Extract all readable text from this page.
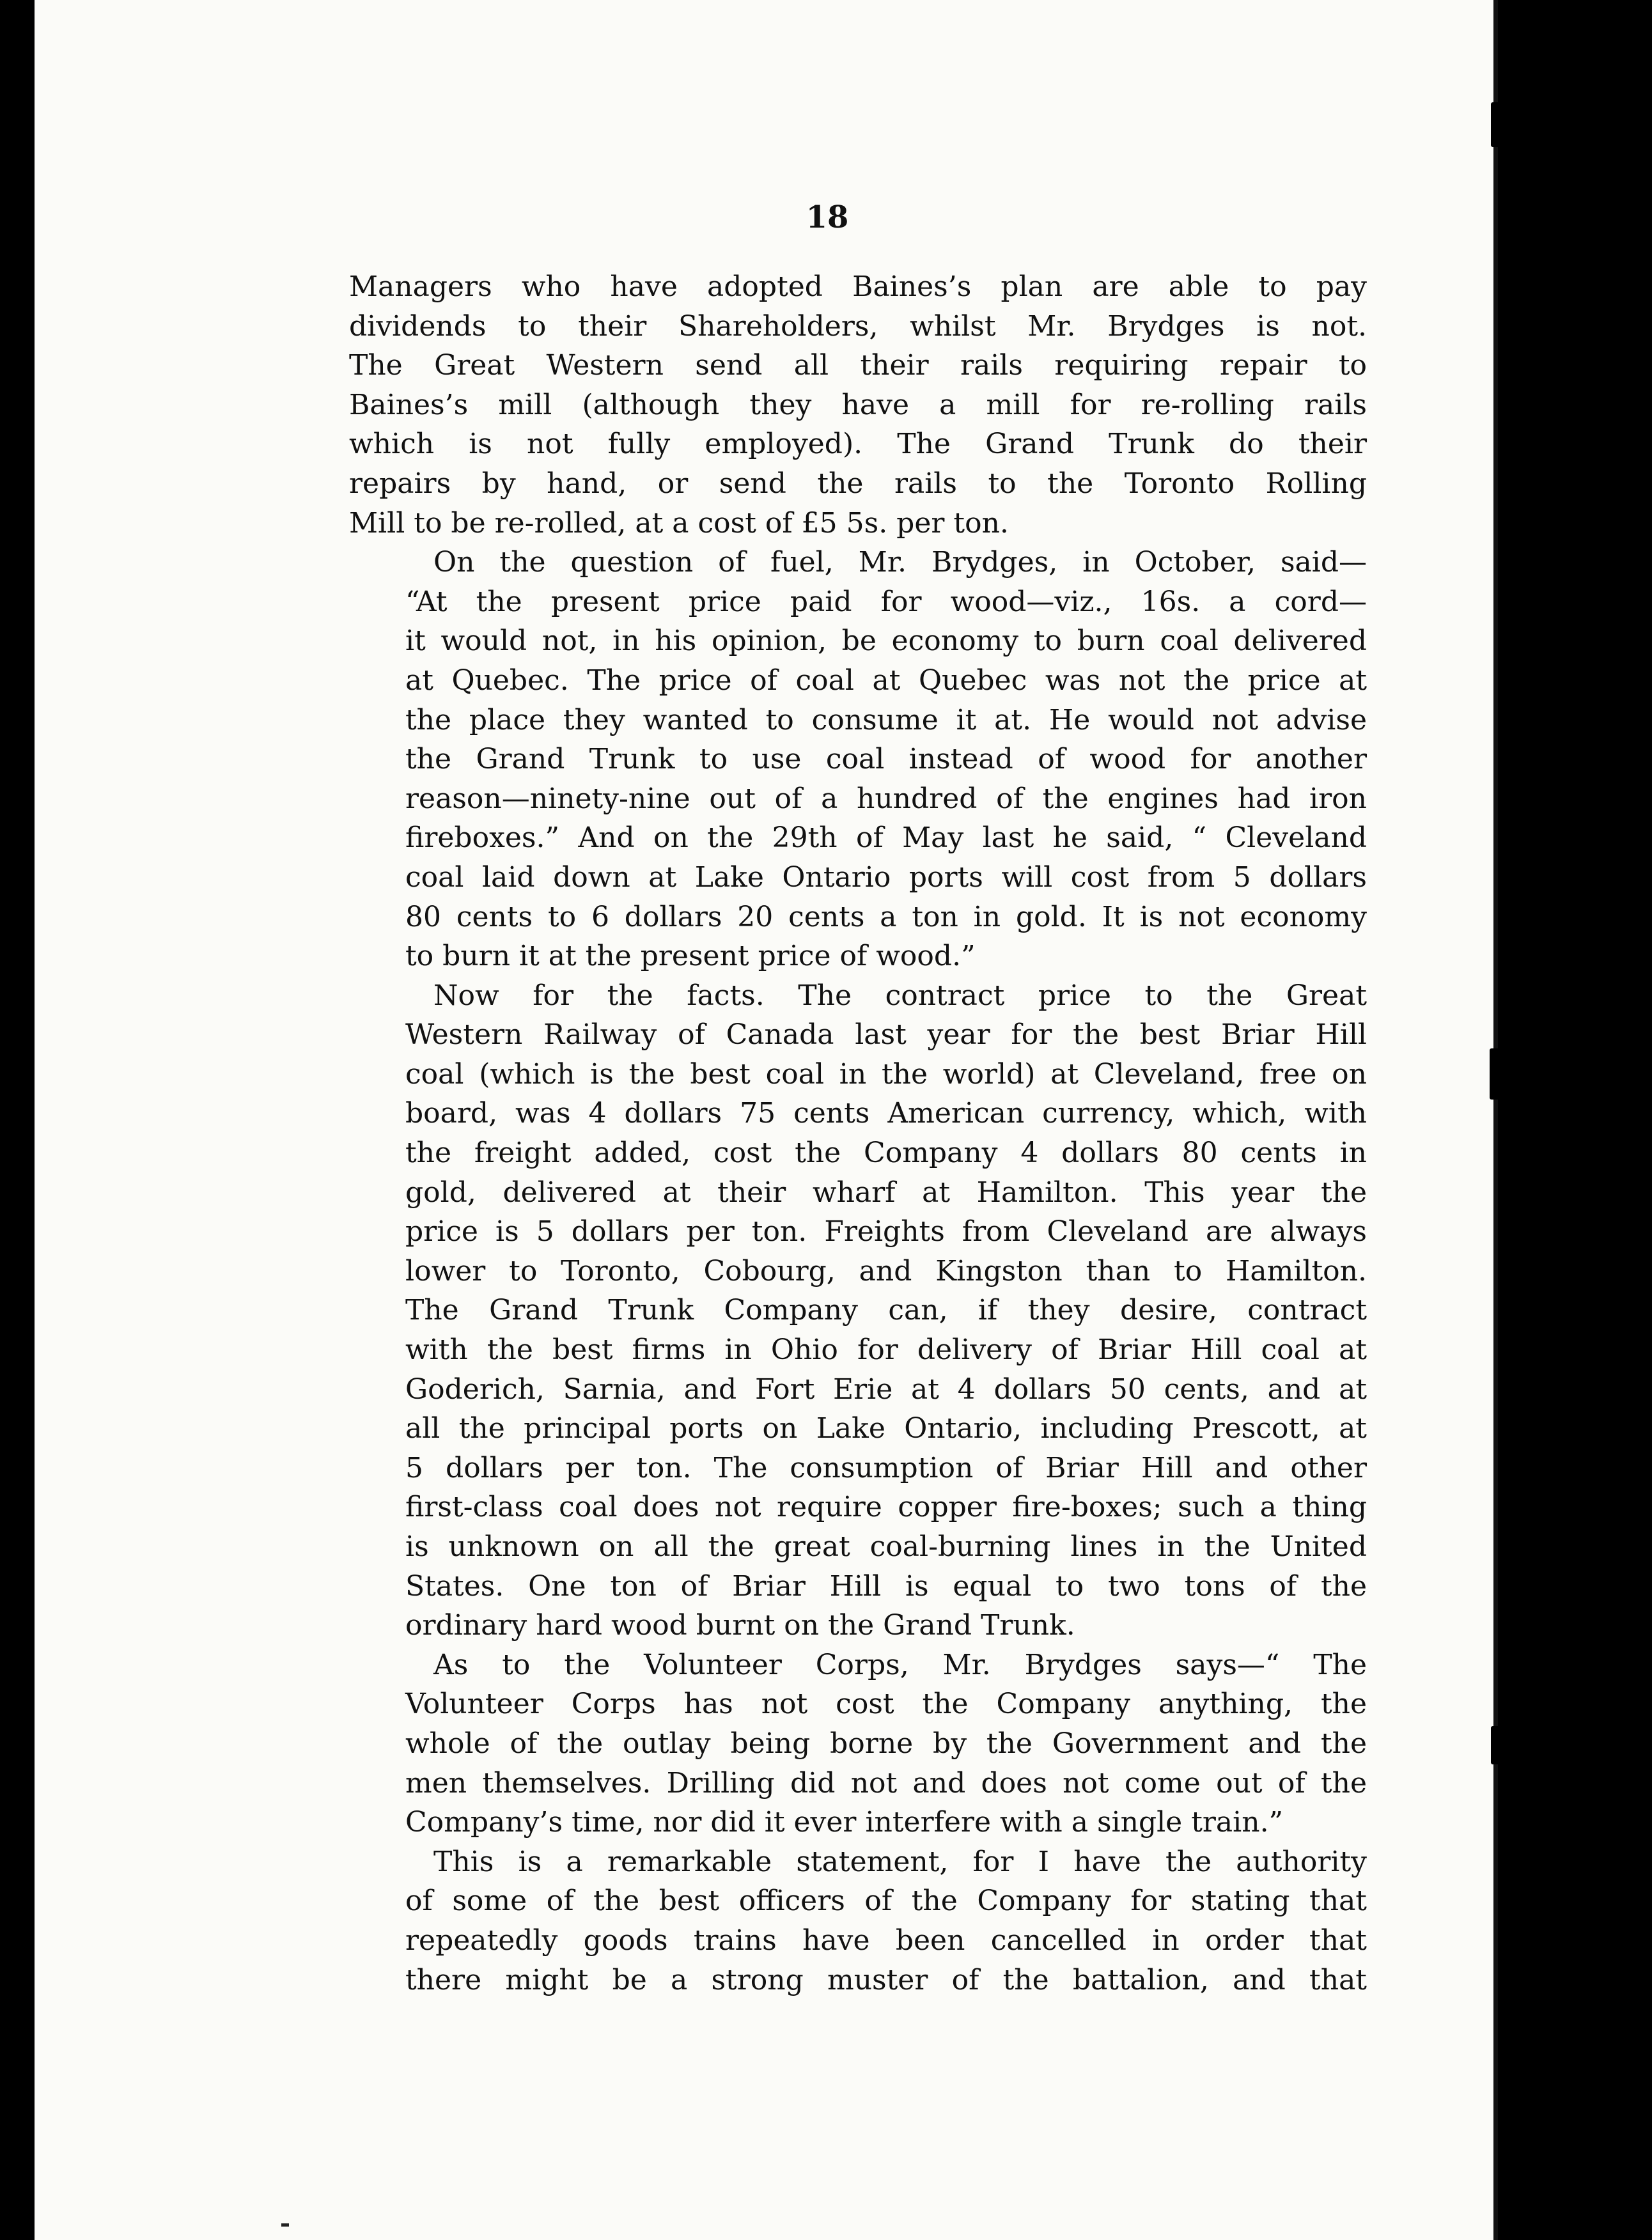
18

Managers who have adopted Baines’s plan are able to pay
dividends to their Shareholders, whilst Mr. Brydges is not.
The Great Western send all their rails requiring repair to
Baines’s mill (although they have a mill for re-rolling rails
which is not fully employed). The Grand Trunk do their
repairs by hand, or send the rails to the Toronto Rolling
Mill to be re-rolled, at a cost of £5 5s. per ton.

On the question of fuel, Mr. Brydges, in October, said—
“At the present price paid for wood—viz., 16s. a cord—
it would not, in his opinion, be economy to burn coal delivered
at Quebec. The price of coal at Quebec was not the price at
the place they wanted to consume it at. He would not advise
the Grand Trunk to use coal instead of wood for another
reason—ninety-nine out of a hundred of the engines had iron
fireboxes.” And on the 29th of May last he said, “ Cleveland
coal laid down at Lake Ontario ports will cost from 5 dollars
80 cents to 6 dollars 20 cents a ton in gold. It is not economy
to burn it at the present price of wood.”

Now for the facts. The contract price to the Great
Western Railway of Canada last year for the best Briar Hill
coal (which is the best coal in the world) at Cleveland, free on
board, was 4 dollars 75 cents American currency, which, with
the freight added, cost the Company 4 dollars 80 cents in
gold, delivered at their wharf at Hamilton. This year the
price is 5 dollars per ton. Freights from Cleveland are always
lower to Toronto, Cobourg, and Kingston than to Hamilton.
The Grand Trunk Company can, if they desire, contract
with the best firms in Ohio for delivery of Briar Hill coal at
Goderich, Sarnia, and Fort Erie at 4 dollars 50 cents, and at
all the principal ports on Lake Ontario, including Prescott, at
5 dollars per ton. The consumption of Briar Hill and other
first-class coal does not require copper fire-boxes; such a thing
is unknown on all the great coal-burning lines in the United
States. One ton of Briar Hill is equal to two tons of the
ordinary hard wood burnt on the Grand Trunk.

As to the Volunteer Corps, Mr. Brydges says—“ The
Volunteer Corps has not cost the Company anything, the
whole of the outlay being borne by the Government and the
men themselves. Drilling did not and does not come out of the
Company’s time, nor did it ever interfere with a single train.”

This is a remarkable statement, for I have the authority
of some of the best officers of the Company for stating that
repeatedly goods trains have been cancelled in order that
there might be a strong muster of the battalion, and that
